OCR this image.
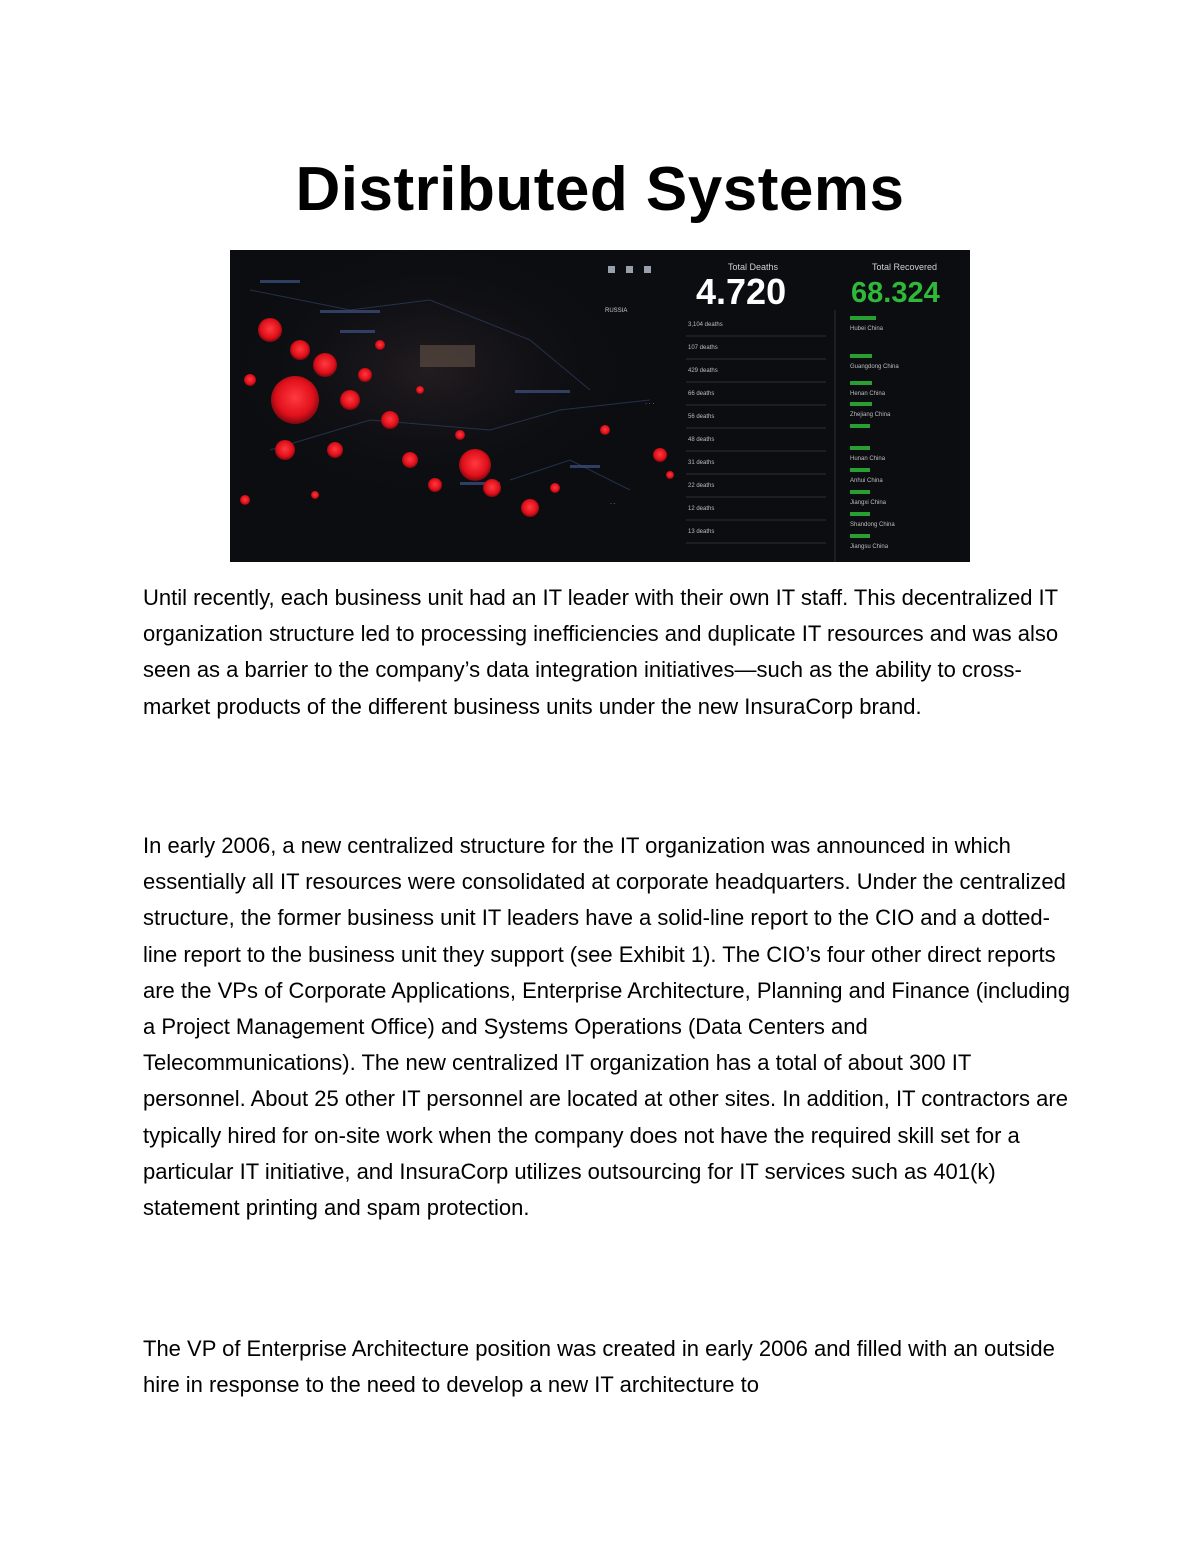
Distributed Systems
RUSSIA
· · ·
· ·
Total Deaths
4.720
Total Recovered
68.324
3,104 deaths
107 deaths
429 deaths
66 deaths
56 deaths
48 deaths
31 deaths
22 deaths
12 deaths
13 deaths
Hubei China
Guangdong China
Henan China
Zhejiang China
Hunan China
Anhui China
Jiangxi China
Shandong China
Jiangsu China

Until recently, each business unit had an IT leader with their own IT staff. This decentralized IT organization structure led to processing inefficiencies and duplicate IT resources and was also seen as a barrier to the company’s data integration initiatives—such as the ability to cross-market products of the different business units under the new InsuraCorp brand.

In early 2006, a new centralized structure for the IT organization was announced in which essentially all IT resources were consolidated at corporate headquarters. Under the centralized structure, the former business unit IT leaders have a solid-line report to the CIO and a dotted-line report to the business unit they support (see Exhibit 1). The CIO’s four other direct reports are the VPs of Corporate Applications, Enterprise Architecture, Planning and Finance (including a Project Management Office) and Systems Operations (Data Centers and Telecommunications). The new centralized IT organization has a total of about 300 IT personnel. About 25 other IT personnel are located at other sites. In addition, IT contractors are typically hired for on-site work when the company does not have the required skill set for a particular IT initiative, and InsuraCorp utilizes outsourcing for IT services such as 401(k) statement printing and spam protection.

The VP of Enterprise Architecture position was created in early 2006 and filled with an outside hire in response to the need to develop a new IT architecture to
